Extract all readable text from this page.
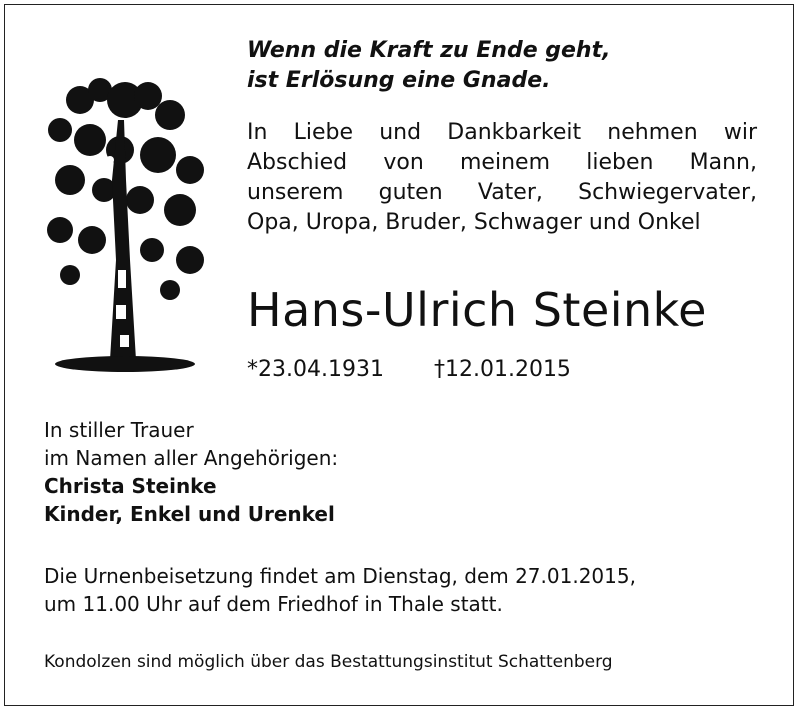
Wenn die Kraft zu Ende geht,
ist Erlösung eine Gnade.
In Liebe und Dankbarkeit nehmen wir
Abschied von meinem lieben Mann,
unserem guten Vater, Schwiegervater,
Opa, Uropa, Bruder, Schwager und Onkel
Hans-Ulrich Steinke
*23.04.1931 †12.01.2015
In stiller Trauer
im Namen aller Angehörigen:
Christa Steinke
Kinder, Enkel und Urenkel
Die Urnenbeisetzung findet am Dienstag, dem 27.01.2015,
um 11.00 Uhr auf dem Friedhof in Thale statt.
Kondolzen sind möglich über das Bestattungsinstitut Schattenberg
